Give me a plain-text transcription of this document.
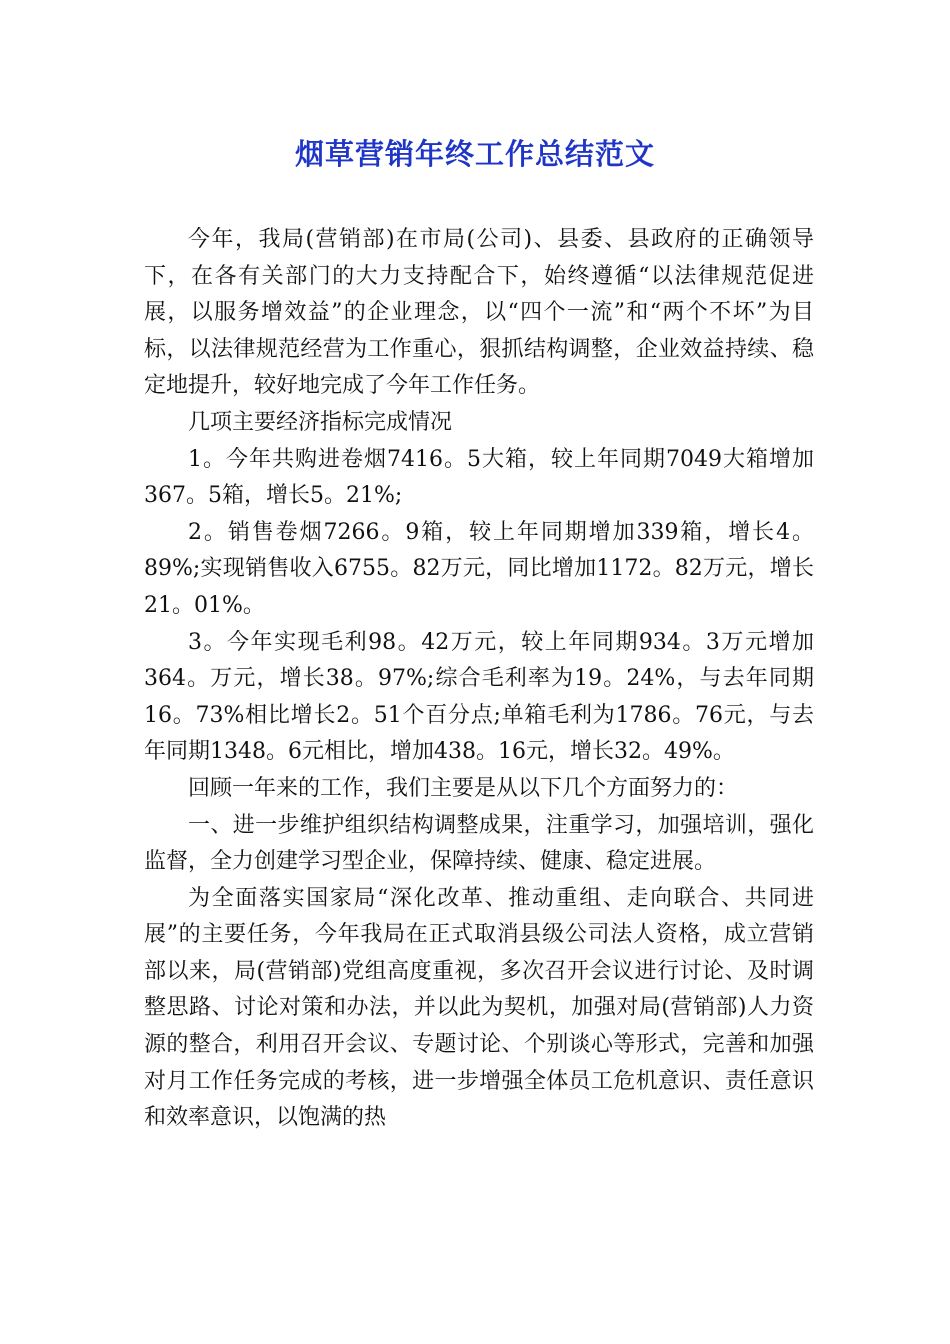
烟草营销年终工作总结范文

今年，我局(营销部)在市局(公司)、县委、县政府的正确领导下，在各有关部门的大力支持配合下，始终遵循“以法律规范促进展，以服务增效益”的企业理念，以“四个一流”和“两个不坏”为目标，以法律规范经营为工作重心，狠抓结构调整，企业效益持续、稳定地提升，较好地完成了今年工作任务。

几项主要经济指标完成情况

1。今年共购进卷烟7416。5大箱，较上年同期7049大箱增加367。5箱，增长5。21%;

2。销售卷烟7266。9箱，较上年同期增加339箱，增长4。89%;实现销售收入6755。82万元，同比增加1172。82万元，增长21。01%。

3。今年实现毛利98。42万元，较上年同期934。3万元增加364。万元，增长38。97%;综合毛利率为19。24%，与去年同期16。73%相比增长2。51个百分点;单箱毛利为1786。76元，与去年同期1348。6元相比，增加438。16元，增长32。49%。

回顾一年来的工作，我们主要是从以下几个方面努力的：

一、进一步维护组织结构调整成果，注重学习，加强培训，强化监督，全力创建学习型企业，保障持续、健康、稳定进展。

为全面落实国家局“深化改革、推动重组、走向联合、共同进展”的主要任务，今年我局在正式取消县级公司法人资格，成立营销部以来，局(营销部)党组高度重视，多次召开会议进行讨论、及时调整思路、讨论对策和办法，并以此为契机，加强对局(营销部)人力资源的整合，利用召开会议、专题讨论、个别谈心等形式，完善和加强对月工作任务完成的考核，进一步增强全体员工危机意识、责任意识和效率意识，以饱满的热
